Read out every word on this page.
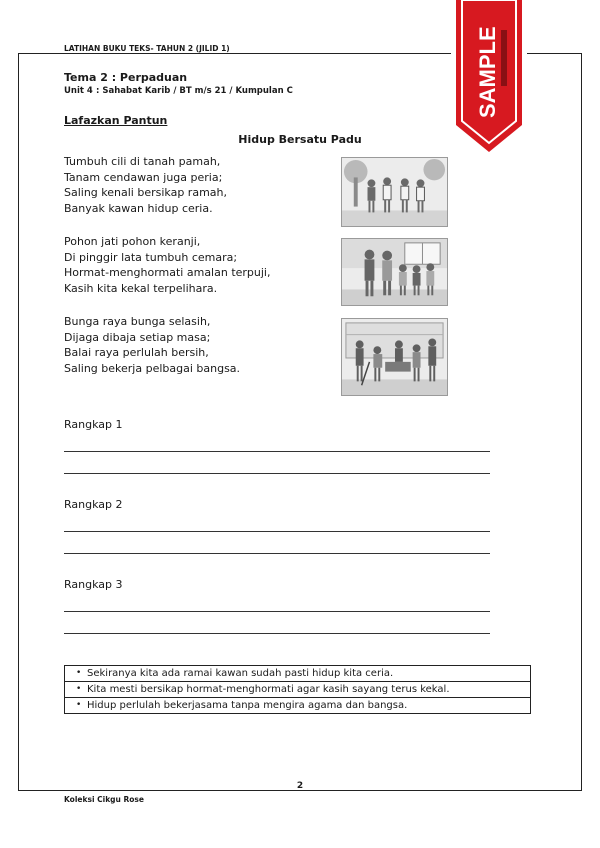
LATIHAN BUKU TEKS- TAHUN 2 (JILID 1)	SAMPLE
Tema 2 : Perpaduan
Unit 4 : Sahabat Karib / BT m/s 21 / Kumpulan C
Lafazkan Pantun
Hidup Bersatu Padu
Tumbuh cili di tanah pamah,
Tanam cendawan juga peria;
Saling kenali bersikap ramah,
Banyak kawan hidup ceria.
Pohon jati pohon keranji,
Di pinggir lata tumbuh cemara;
Hormat-menghormati amalan terpuji,
Kasih kita kekal terpelihara.
Bunga raya bunga selasih,
Dijaga dibaja setiap masa;
Balai raya perlulah bersih,
Saling bekerja pelbagai bangsa.
Rangkap 1
Rangkap 2
Rangkap 3
• Sekiranya kita ada ramai kawan sudah pasti hidup kita ceria.
• Kita mesti bersikap hormat-menghormati agar kasih sayang terus kekal.
• Hidup perlulah bekerjasama tanpa mengira agama dan bangsa.
2
Koleksi Cikgu Rose
